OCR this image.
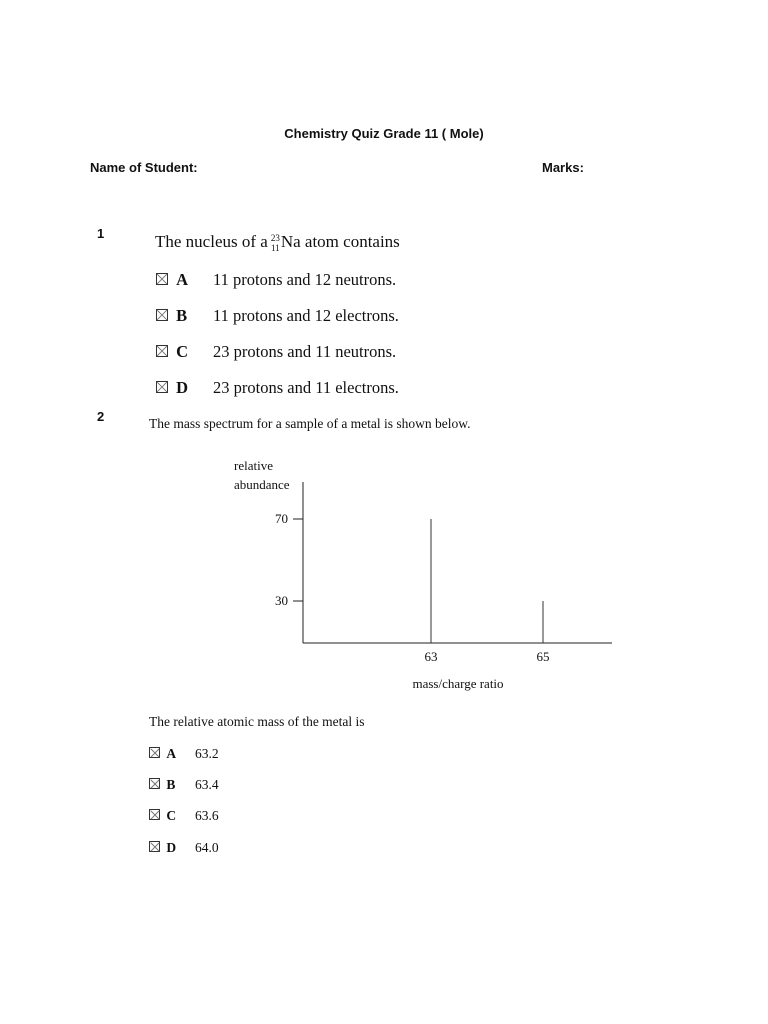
Chemistry Quiz Grade 11 ( Mole)
Name of Student:	Marks:
1	The nucleus of a 23
11 Na atom contains
A 11 protons and 12 neutrons.
B 11 protons and 12 electrons.
C 23 protons and 11 neutrons.
D 23 protons and 11 electrons.
2	The mass spectrum for a sample of a metal is shown below.
relative
abundance
70
30
63	65
mass/charge ratio
The relative atomic mass of the metal is
A 63.2
B 63.4
C 63.6
D 64.0
